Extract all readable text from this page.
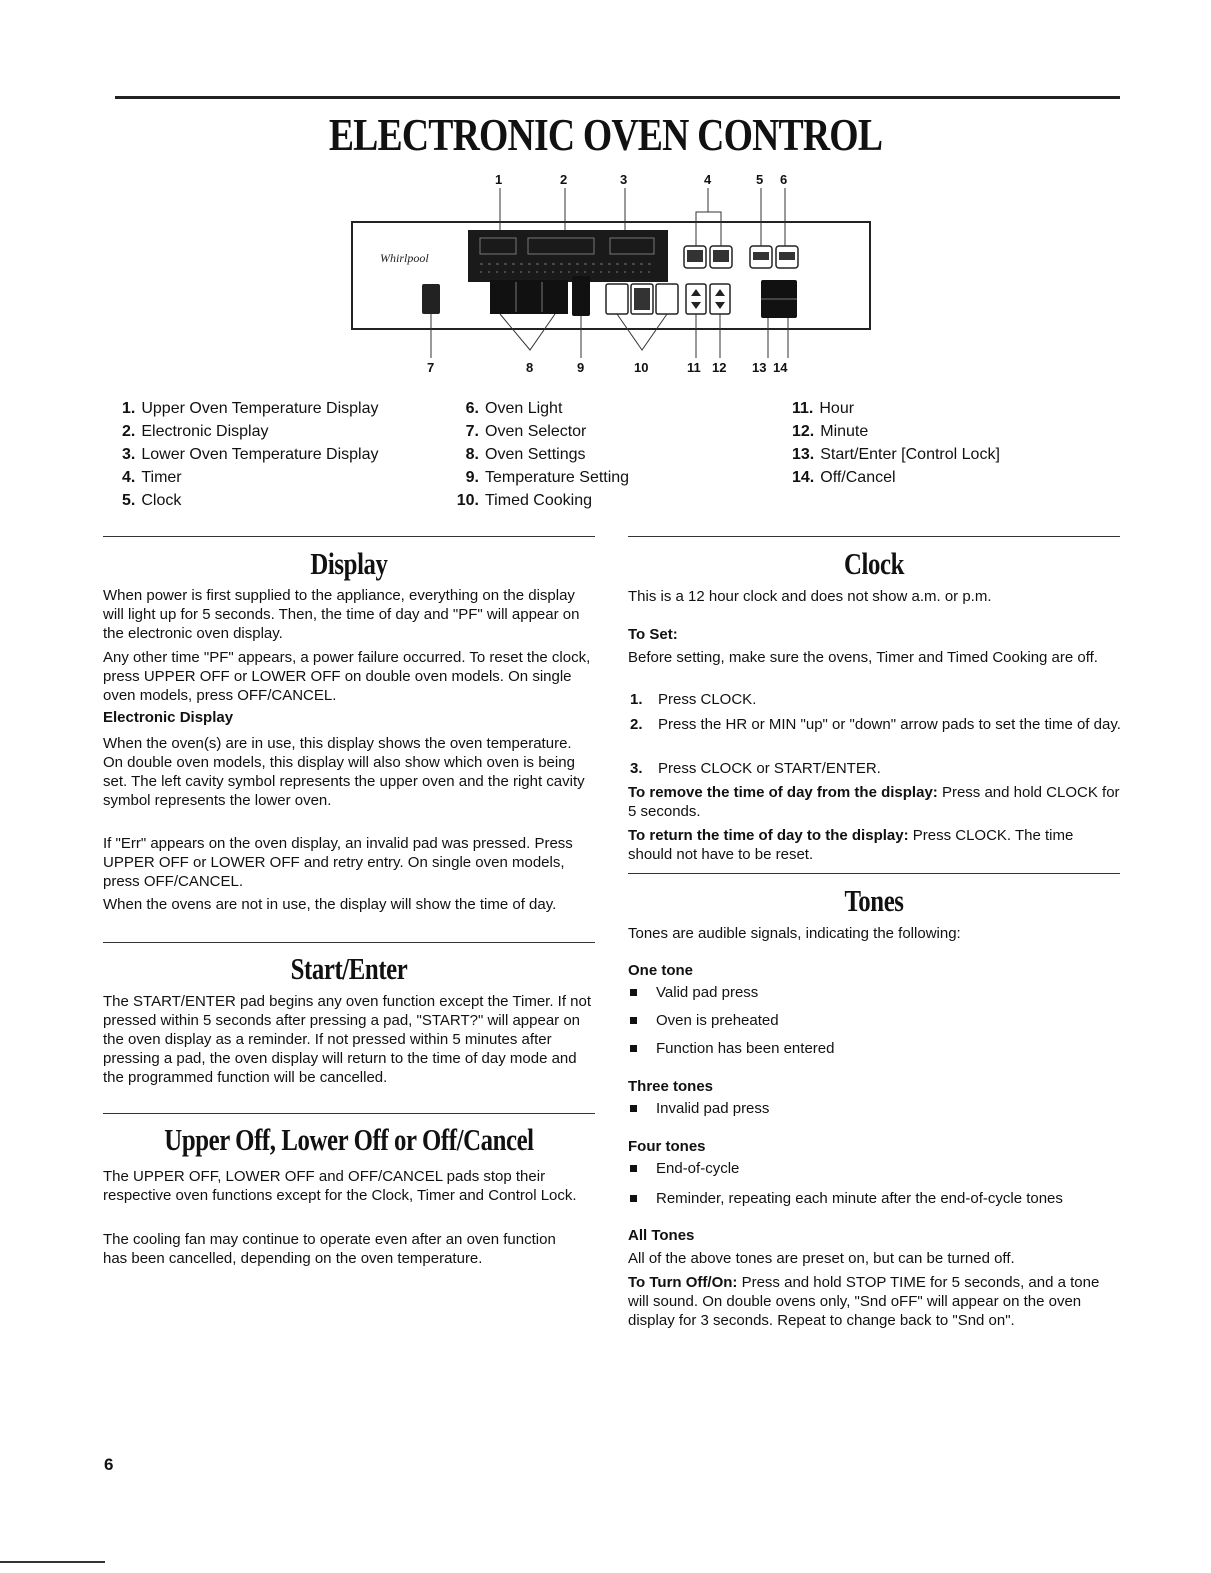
ELECTRONIC OVEN CONTROL
Whirlpool
1	2	3	4	5 6
7	8	9	10	11 12 13 14
1. Upper Oven Temperature Display
2. Electronic Display
3. Lower Oven Temperature Display
4. Timer
5. Clock
6. Oven Light
7. Oven Selector
8. Oven Settings
9. Temperature Setting
10. Timed Cooking
11. Hour
12. Minute
13. Start/Enter [Control Lock]
14. Off/Cancel
Display
When power is first supplied to the appliance, everything on the display will light up for 5 seconds. Then, the time of day and "PF" will appear on the electronic oven display.
Any other time "PF" appears, a power failure occurred. To reset the clock, press UPPER OFF or LOWER OFF on double oven models. On single oven models, press OFF/CANCEL.
Electronic Display
When the oven(s) are in use, this display shows the oven temperature. On double oven models, this display will also show which oven is being set. The left cavity symbol represents the upper oven and the right cavity symbol represents the lower oven.
If "Err" appears on the oven display, an invalid pad was pressed. Press UPPER OFF or LOWER OFF and retry entry. On single oven models, press OFF/CANCEL.
When the ovens are not in use, the display will show the time of day.
Start/Enter
The START/ENTER pad begins any oven function except the Timer. If not pressed within 5 seconds after pressing a pad, "START?" will appear on the oven display as a reminder. If not pressed within 5 minutes after pressing a pad, the oven display will return to the time of day mode and the programmed function will be cancelled.
Upper Off, Lower Off or Off/Cancel
The UPPER OFF, LOWER OFF and OFF/CANCEL pads stop their respective oven functions except for the Clock, Timer and Control Lock.
The cooling fan may continue to operate even after an oven function has been cancelled, depending on the oven temperature.
Clock
This is a 12 hour clock and does not show a.m. or p.m.
To Set:
Before setting, make sure the ovens, Timer and Timed Cooking are off.
1. Press CLOCK.
2. Press the HR or MIN "up" or "down" arrow pads to set the time of day.
3. Press CLOCK or START/ENTER.
To remove the time of day from the display: Press and hold CLOCK for 5 seconds.
To return the time of day to the display: Press CLOCK. The time should not have to be reset.
Tones
Tones are audible signals, indicating the following:
One tone
Valid pad press
Oven is preheated
Function has been entered
Three tones
Invalid pad press
Four tones
End-of-cycle
Reminder, repeating each minute after the end-of-cycle tones
All Tones
All of the above tones are preset on, but can be turned off.
To Turn Off/On: Press and hold STOP TIME for 5 seconds, and a tone will sound. On double ovens only, "Snd oFF" will appear on the oven display for 3 seconds. Repeat to change back to "Snd on".
6
